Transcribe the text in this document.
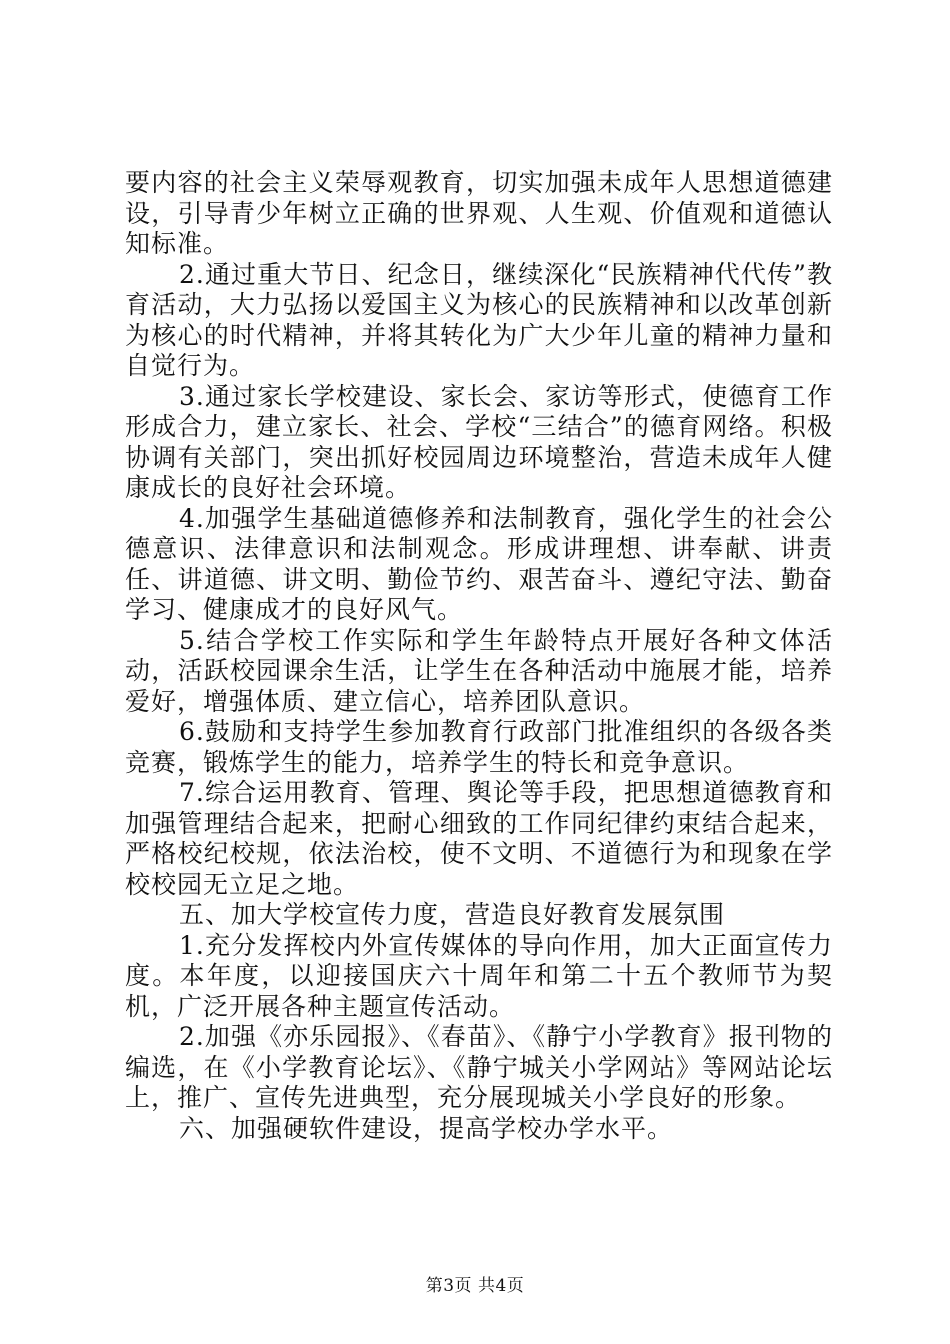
要内容的社会主义荣辱观教育，切实加强未成年人思想道德建设，引导青少年树立正确的世界观、人生观、价值观和道德认知标准。

2.通过重大节日、纪念日，继续深化“民族精神代代传”教育活动，大力弘扬以爱国主义为核心的民族精神和以改革创新为核心的时代精神，并将其转化为广大少年儿童的精神力量和自觉行为。

3.通过家长学校建设、家长会、家访等形式，使德育工作形成合力，建立家长、社会、学校“三结合”的德育网络。积极协调有关部门，突出抓好校园周边环境整治，营造未成年人健康成长的良好社会环境。

4.加强学生基础道德修养和法制教育，强化学生的社会公德意识、法律意识和法制观念。形成讲理想、讲奉献、讲责任、讲道德、讲文明、勤俭节约、艰苦奋斗、遵纪守法、勤奋学习、健康成才的良好风气。

5.结合学校工作实际和学生年龄特点开展好各种文体活动，活跃校园课余生活，让学生在各种活动中施展才能，培养爱好，增强体质、建立信心，培养团队意识。

6.鼓励和支持学生参加教育行政部门批准组织的各级各类竞赛，锻炼学生的能力，培养学生的特长和竞争意识。

7.综合运用教育、管理、舆论等手段，把思想道德教育和加强管理结合起来，把耐心细致的工作同纪律约束结合起来，严格校纪校规，依法治校，使不文明、不道德行为和现象在学校校园无立足之地。

五、加大学校宣传力度，营造良好教育发展氛围

1.充分发挥校内外宣传媒体的导向作用，加大正面宣传力度。本年度，以迎接国庆六十周年和第二十五个教师节为契机，广泛开展各种主题宣传活动。

2.加强《亦乐园报》、《春苗》、《静宁小学教育》报刊物的编选，在《小学教育论坛》、《静宁城关小学网站》等网站论坛上，推广、宣传先进典型，充分展现城关小学良好的形象。

六、加强硬软件建设，提高学校办学水平。

第3页 共4页
